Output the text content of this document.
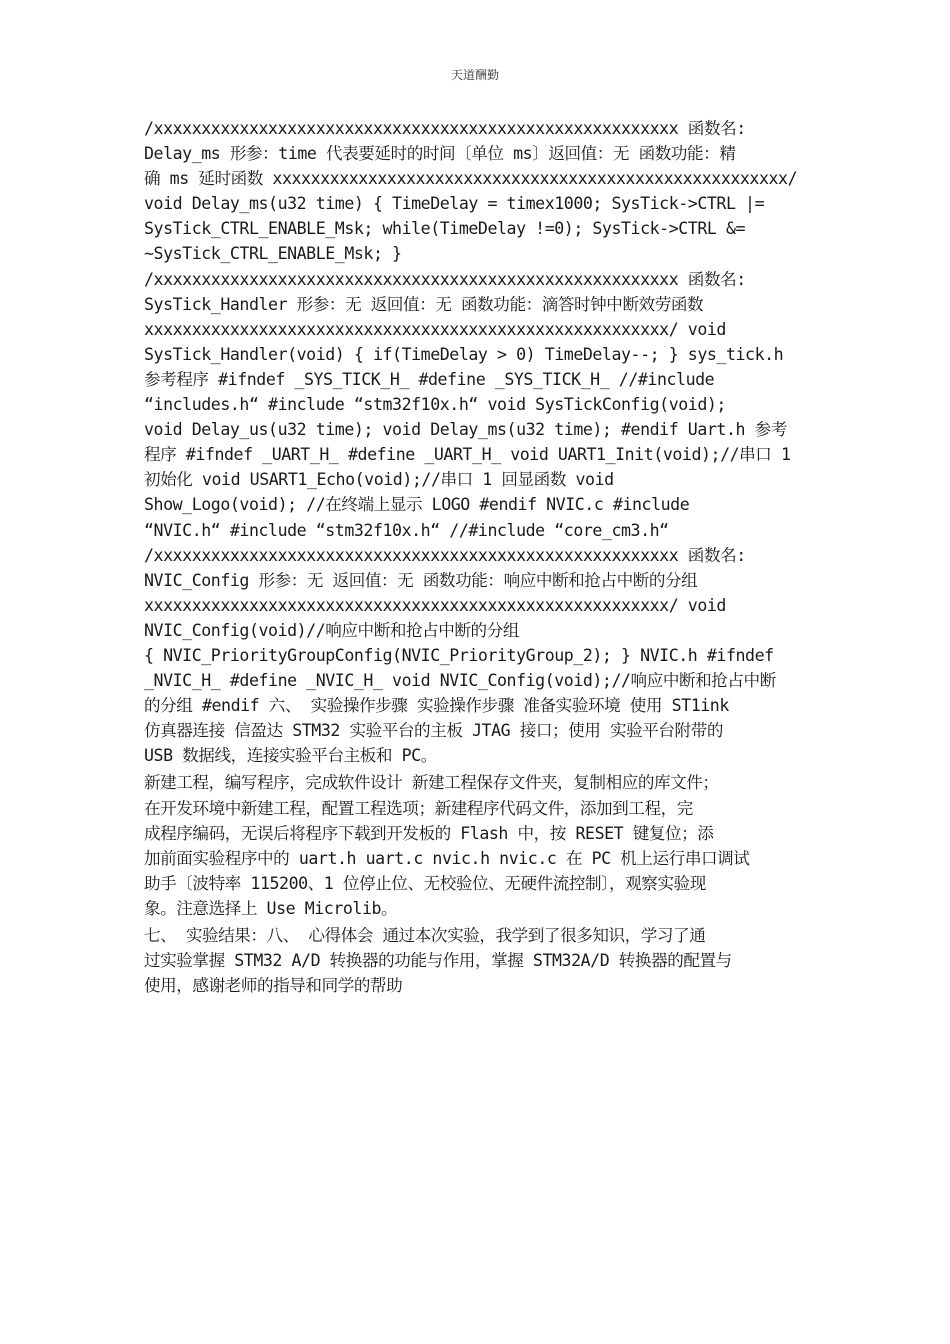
天道酬勤
/xxxxxxxxxxxxxxxxxxxxxxxxxxxxxxxxxxxxxxxxxxxxxxxxxxxxxxx 函数名:
Delay_ms 形参：time 代表要延时的时间〔单位 ms〕返回值：无 函数功能：精
确 ms 延时函数 xxxxxxxxxxxxxxxxxxxxxxxxxxxxxxxxxxxxxxxxxxxxxxxxxxxxxx/
void Delay_ms(u32 time) { TimeDelay = timex1000; SysTick->CTRL |=
SysTick_CTRL_ENABLE_Msk; while(TimeDelay !=0); SysTick->CTRL &=
~SysTick_CTRL_ENABLE_Msk; }
/xxxxxxxxxxxxxxxxxxxxxxxxxxxxxxxxxxxxxxxxxxxxxxxxxxxxxxx 函数名:
SysTick_Handler 形参：无 返回值：无 函数功能：滴答时钟中断效劳函数
xxxxxxxxxxxxxxxxxxxxxxxxxxxxxxxxxxxxxxxxxxxxxxxxxxxxxxx/ void
SysTick_Handler(void) { if(TimeDelay > 0) TimeDelay--; } sys_tick.h
参考程序 #ifndef _SYS_TICK_H_ #define _SYS_TICK_H_ //#include
“includes.h“ #include “stm32f10x.h“ void SysTickConfig(void);
void Delay_us(u32 time); void Delay_ms(u32 time); #endif Uart.h 参考
程序 #ifndef _UART_H_ #define _UART_H_ void UART1_Init(void);//串口 1
初始化 void USART1_Echo(void);//串口 1 回显函数 void
Show_Logo(void); //在终端上显示 LOGO #endif NVIC.c #include
“NVIC.h“ #include “stm32f10x.h“ //#include “core_cm3.h“
/xxxxxxxxxxxxxxxxxxxxxxxxxxxxxxxxxxxxxxxxxxxxxxxxxxxxxxx 函数名:
NVIC_Config 形参：无 返回值：无 函数功能：响应中断和抢占中断的分组
xxxxxxxxxxxxxxxxxxxxxxxxxxxxxxxxxxxxxxxxxxxxxxxxxxxxxxx/ void
NVIC_Config(void)//响应中断和抢占中断的分组
{ NVIC_PriorityGroupConfig(NVIC_PriorityGroup_2); } NVIC.h #ifndef
_NVIC_H_ #define _NVIC_H_ void NVIC_Config(void);//响应中断和抢占中断
的分组 #endif 六、 实验操作步骤 实验操作步骤 准备实验环境 使用 ST1ink
仿真器连接 信盈达 STM32 实验平台的主板 JTAG 接口；使用 实验平台附带的
USB 数据线，连接实验平台主板和 PC。
新建工程，编写程序，完成软件设计 新建工程保存文件夹，复制相应的库文件；
在开发环境中新建工程，配置工程选项；新建程序代码文件，添加到工程，完
成程序编码，无误后将程序下载到开发板的 Flash 中，按 RESET 键复位；添
加前面实验程序中的 uart.h uart.c nvic.h nvic.c 在 PC 机上运行串口调试
助手〔波特率 115200、1 位停止位、无校验位、无硬件流控制〕，观察实验现
象。注意选择上 Use Microlib。
七、 实验结果：八、 心得体会 通过本次实验，我学到了很多知识，学习了通
过实验掌握 STM32 A/D 转换器的功能与作用，掌握 STM32A/D 转换器的配置与
使用，感谢老师的指导和同学的帮助
